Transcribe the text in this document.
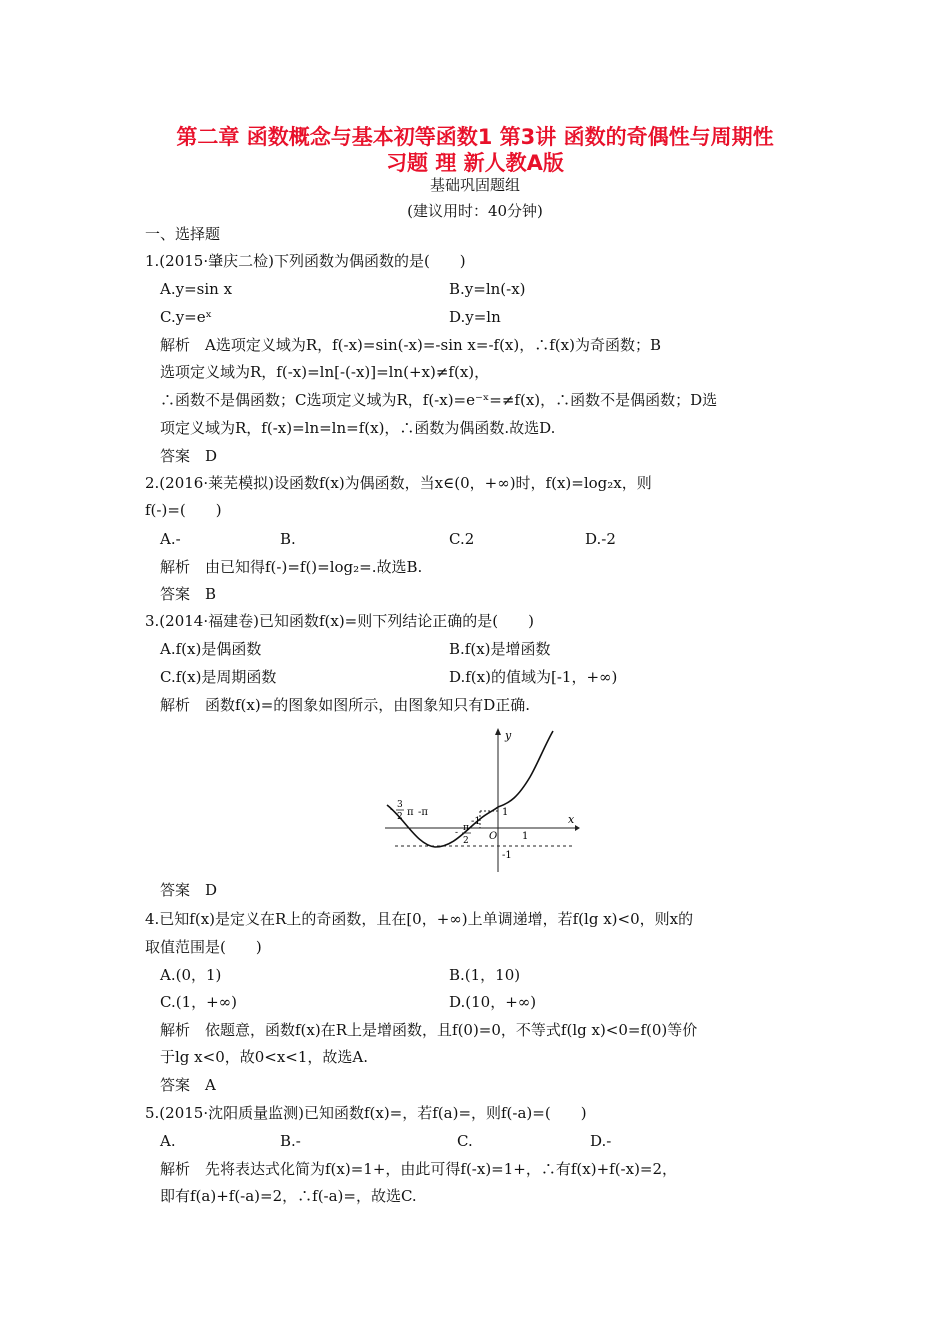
第二章 函数概念与基本初等函数1 第3讲 函数的奇偶性与周期性
习题 理 新人教A版
基础巩固题组
(建议用时：40分钟)
一、选择题
1.(2015·肇庆二检)下列函数为偶函数的是(　　)
A.y=sin x	B.y=ln(-x)
C.y=eˣ	D.y=ln
解析　A选项定义域为R，f(-x)=sin(-x)=-sin x=-f(x)，∴f(x)为奇函数；B
选项定义域为R，f(-x)=ln[-(-x)]=ln(+x)≠f(x)，
∴函数不是偶函数；C选项定义域为R，f(-x)=e⁻ˣ=≠f(x)，∴函数不是偶函数；D选
项定义域为R，f(-x)=ln=ln=f(x)，∴函数为偶函数.故选D.
答案　D
2.(2016·莱芜模拟)设函数f(x)为偶函数，当x∈(0，+∞)时，f(x)=log₂x，则
f(-)=(　　)
A.-	B.	C.2	D.-2
解析　由已知得f(-)=f()=log₂=.故选B.
答案　B
3.(2014·福建卷)已知函数f(x)=则下列结论正确的是(　　)
A.f(x)是偶函数	B.f(x)是增函数
C.f(x)是周期函数	D.f(x)的值域为[-1，+∞)
解析　函数f(x)=的图象如图所示，由图象知只有D正确.
y
x
O
1
1
-1
-1
- 3
2 π -π
- π
2
答案　D
4.已知f(x)是定义在R上的奇函数，且在[0，+∞)上单调递增，若f(lg x)<0，则x的
取值范围是(　　)
A.(0，1)	B.(1，10)
C.(1，+∞)	D.(10，+∞)
解析　依题意，函数f(x)在R上是增函数，且f(0)=0，不等式f(lg x)<0=f(0)等价
于lg x<0，故0<x<1，故选A.
答案　A
5.(2015·沈阳质量监测)已知函数f(x)=，若f(a)=，则f(-a)=(　　)
A.	B.-	C.	D.-
解析　先将表达式化简为f(x)=1+，由此可得f(-x)=1+，∴有f(x)+f(-x)=2，
即有f(a)+f(-a)=2，∴f(-a)=，故选C.
